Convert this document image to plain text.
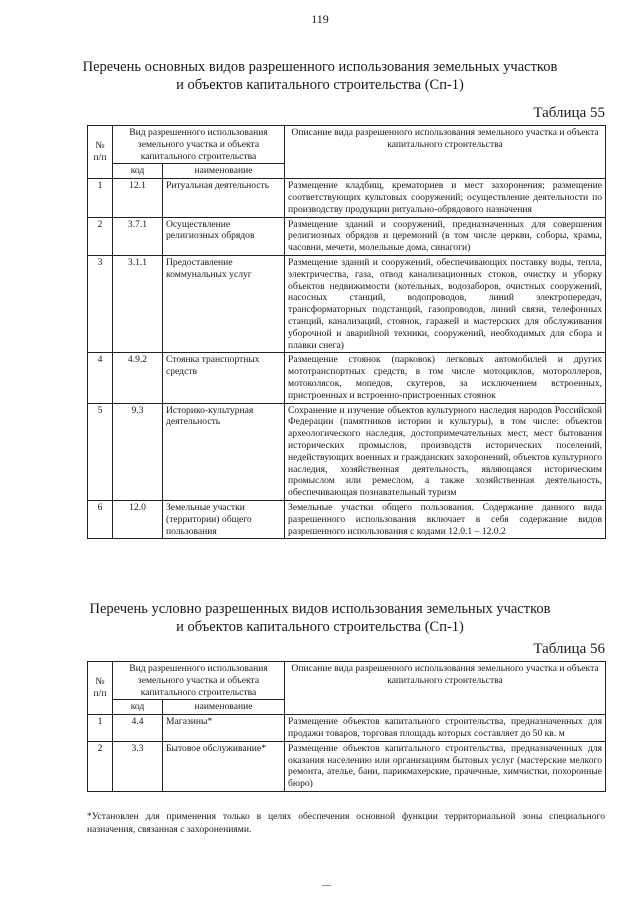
119
Перечень основных видов разрешенного использования земельных участков
и объектов капитального строительства (Сп-1)
Таблица 55
№ п/п	Вид разрешенного использования земельного участка и объекта капитального строительства		Описание вида разрешенного использования земельного участка и объекта капитального строительства
	код	наименование	
1	12.1	Ритуальная деятельность	Размещение кладбищ, крематориев и мест захоронения; размещение соответствующих культовых сооружений; осуществление деятельности по производству продукции ритуально-обрядового назначения
2	3.7.1	Осуществление религиозных обрядов	Размещение зданий и сооружений, предназначенных для совершения религиозных обрядов и церемоний (в том числе церкви, соборы, храмы, часовни, мечети, молельные дома, синагоги)
3	3.1.1	Предоставление коммунальных услуг	Размещение зданий и сооружений, обеспечивающих поставку воды, тепла, электричества, газа, отвод канализационных стоков, очистку и уборку объектов недвижимости (котельных, водозаборов, очистных сооружений, насосных станций, водопроводов, линий электропередач, трансформаторных подстанций, газопроводов, линий связи, телефонных станций, канализаций, стоянок, гаражей и мастерских для обслуживания уборочной и аварийной техники, сооружений, необходимых для сбора и плавки снега)
4	4.9.2	Стоянка транспортных средств	Размещение стоянок (парковок) легковых автомобилей и других мототранспортных средств, в том числе мотоциклов, мотороллеров, мотоколясок, мопедов, скутеров, за исключением встроенных, пристроенных и встроенно-пристроенных стоянок
5	9.3	Историко-культурная деятельность	Сохранение и изучение объектов культурного наследия народов Российской Федерации (памятников истории и культуры), в том числе: объектов археологического наследия, достопримечательных мест, мест бытования исторических промыслов, производств исторических поселений, недействующих военных и гражданских захоронений, объектов культурного наследия, хозяйственная деятельность, являющаяся историческим промыслом или ремеслом, а также хозяйственная деятельность, обеспечивающая познавательный туризм
6	12.0	Земельные участки (территории) общего пользования	Земельные участки общего пользования. Содержание данного вида разрешенного использования включает в себя содержание видов разрешенного использования с кодами 12.0.1 – 12.0.2
Перечень условно разрешенных видов использования земельных участков
и объектов капитального строительства (Сп-1)
Таблица 56
№ п/п	Вид разрешенного использования земельного участка и объекта капитального строительства		Описание вида разрешенного использования земельного участка и объекта капитального строительства
	код	наименование	
1	4.4	Магазины*	Размещение объектов капитального строительства, предназначенных для продажи товаров, торговая площадь которых составляет до 50 кв. м
2	3.3	Бытовое обслуживание*	Размещение объектов капитального строительства, предназначенных для оказания населению или организациям бытовых услуг (мастерские мелкого ремонта, ателье, бани, парикмахерские, прачечные, химчистки, похоронные бюро)
*Установлен для применения только в целях обеспечения основной функции территориальной зоны специального назначения, связанная с захоронениями.
—
